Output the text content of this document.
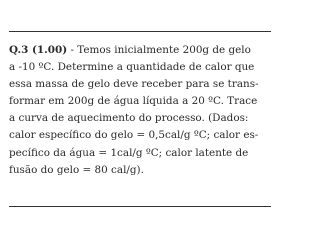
Q.3 (1.00) - Temos inicialmente 200g de gelo
a -10 ºC. Determine a quantidade de calor que
essa massa de gelo deve receber para se trans-
formar em 200g de água líquida a 20 ºC. Trace
a curva de aquecimento do processo. (Dados:
calor específico do gelo = 0,5cal/g ºC; calor es-
pecífico da água = 1cal/g ºC; calor latente de
fusão do gelo = 80 cal/g).
